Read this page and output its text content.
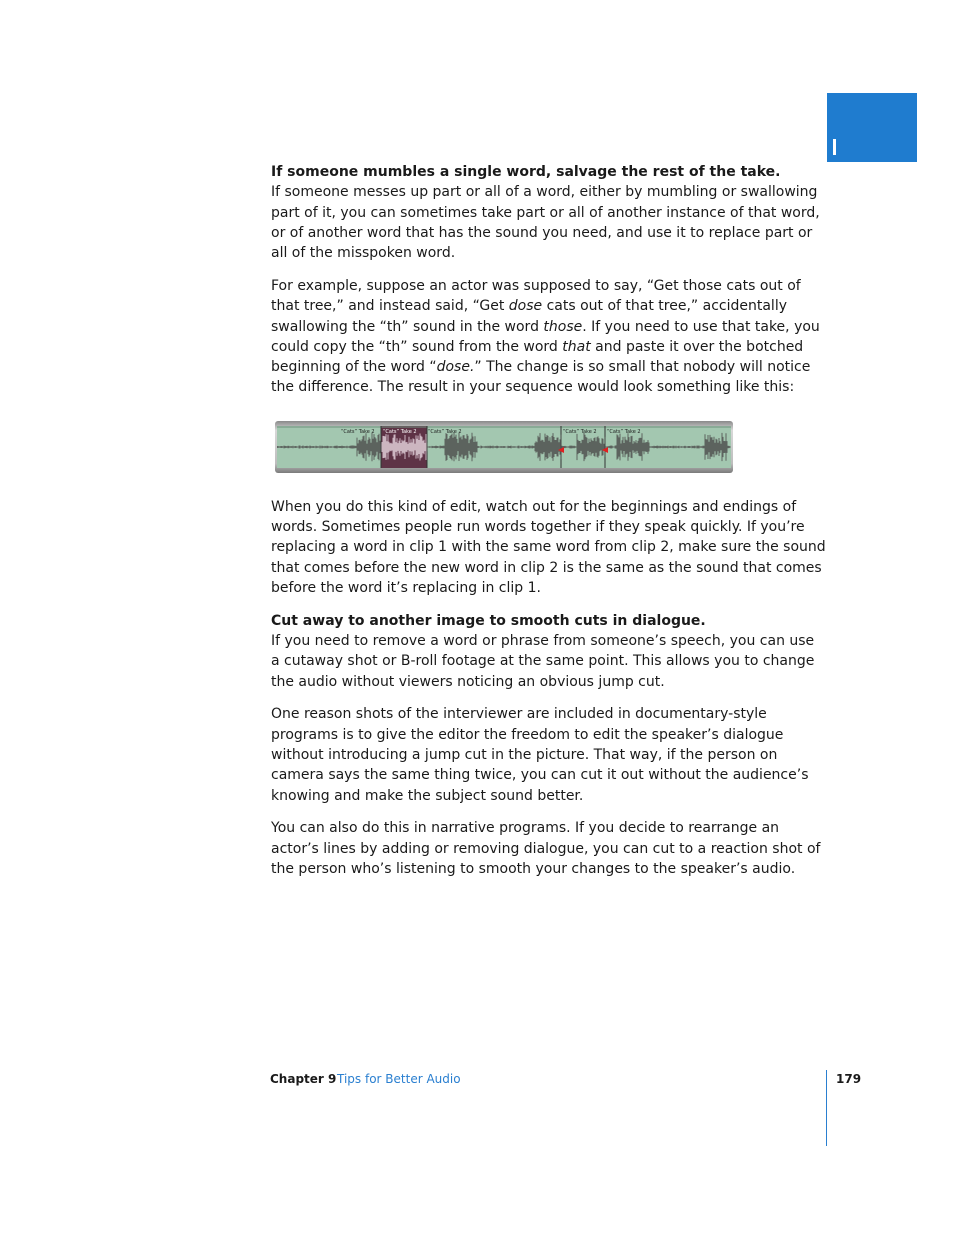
If someone mumbles a single word, salvage the rest of the take.

If someone messes up part or all of a word, either by mumbling or swallowing part of it, you can sometimes take part or all of another instance of that word, or of another word that has the sound you need, and use it to replace part or all of the misspoken word.

For example, suppose an actor was supposed to say, “Get those cats out of that tree,” and instead said, “Get dose cats out of that tree,” accidentally swallowing the “th” sound in the word those. If you need to use that take, you could copy the “th” sound from the word that and paste it over the botched beginning of the word “dose.” The change is so small that nobody will notice the difference. The result in your sequence would look something like this:

“Cats” Take 2 “Cats” Take 2 “Cats” Take 2	“Cats” Take 2 “Cats” Take 2

When you do this kind of edit, watch out for the beginnings and endings of words. Sometimes people run words together if they speak quickly. If you’re replacing a word in clip 1 with the same word from clip 2, make sure the sound that comes before the new word in clip 2 is the same as the sound that comes before the word it’s replacing in clip 1.

Cut away to another image to smooth cuts in dialogue.

If you need to remove a word or phrase from someone’s speech, you can use a cutaway shot or B-roll footage at the same point. This allows you to change the audio without viewers noticing an obvious jump cut.

One reason shots of the interviewer are included in documentary-style programs is to give the editor the freedom to edit the speaker’s dialogue without introducing a jump cut in the picture. That way, if the person on camera says the same thing twice, you can cut it out without the audience’s knowing and make the subject sound better.

You can also do this in narrative programs. If you decide to rearrange an actor’s lines by adding or removing dialogue, you can cut to a reaction shot of the person who’s listening to smooth your changes to the speaker’s audio.

Chapter 9 Tips for Better Audio	179
